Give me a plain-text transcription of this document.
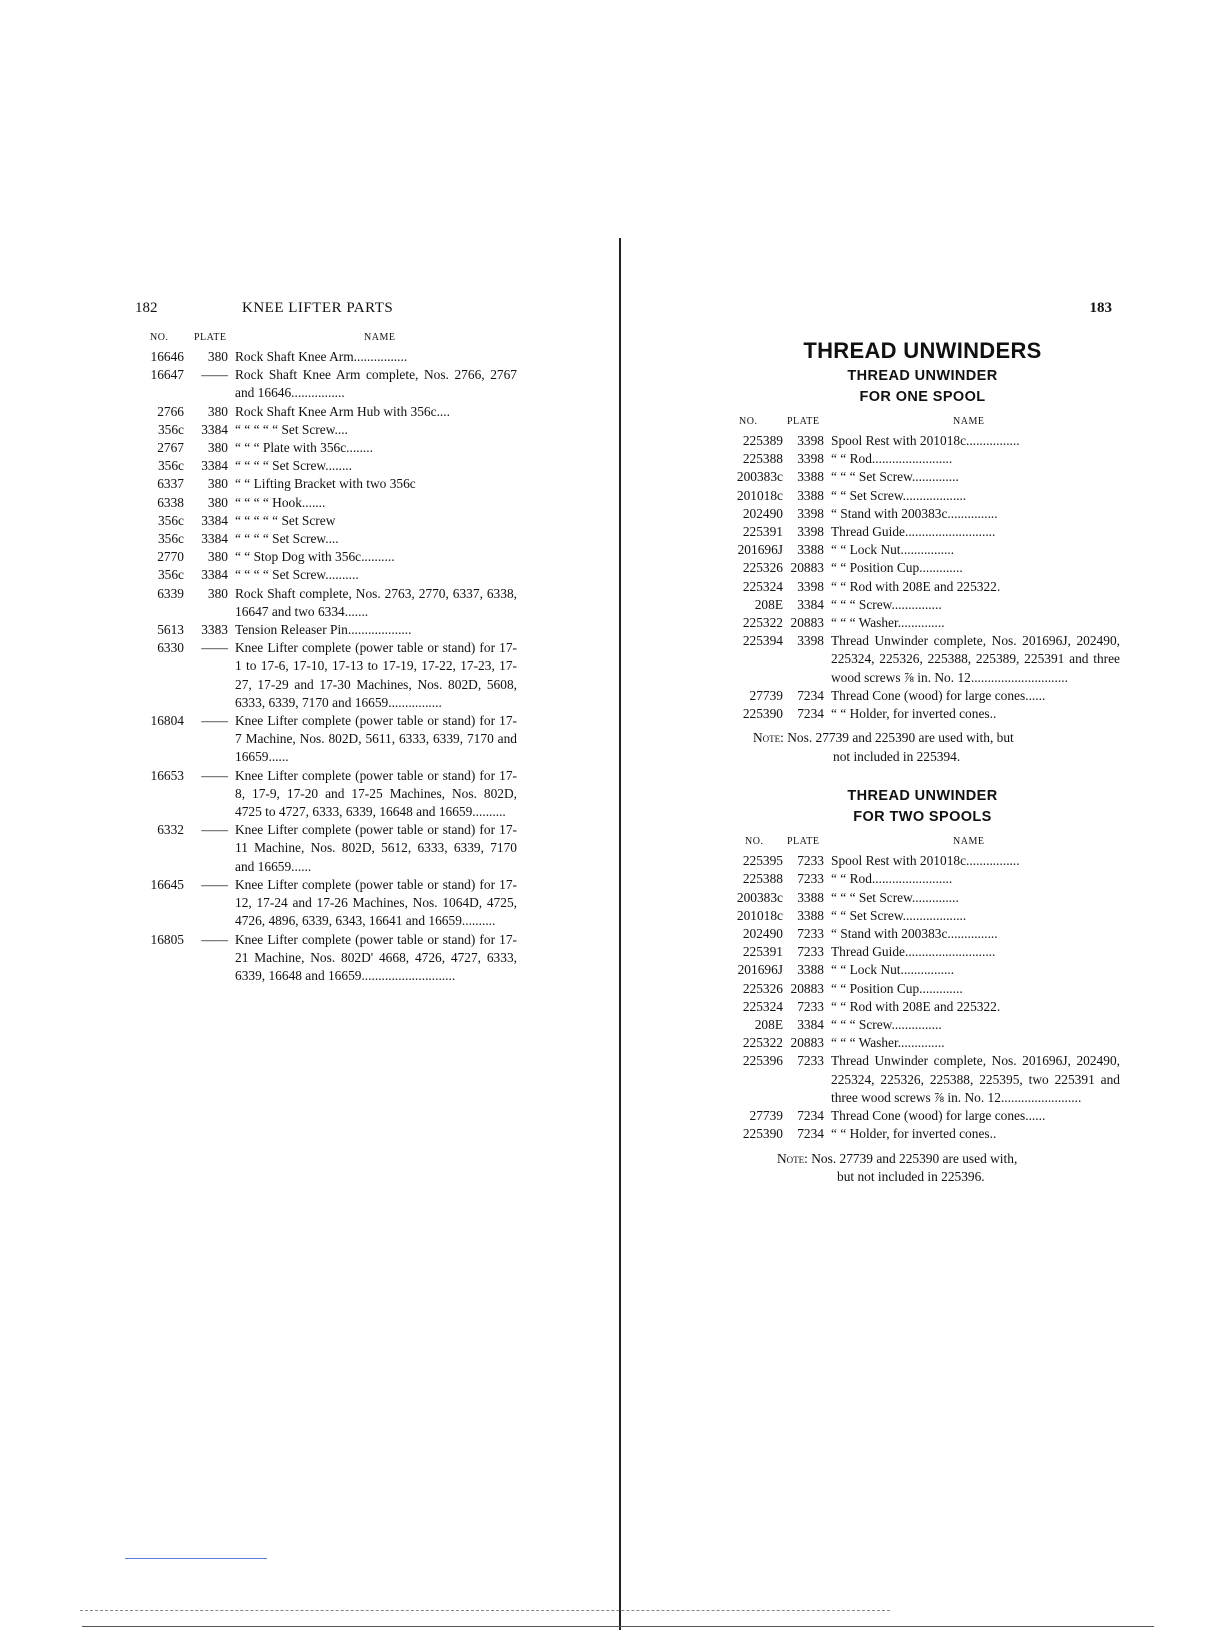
182	KNEE LIFTER PARTS
NO.	PLATE	NAME
16646	380 Rock Shaft Knee Arm................
16647	—— Rock Shaft Knee Arm complete, Nos. 2766, 2767 and 16646................
2766	380 Rock Shaft Knee Arm Hub with 356c....
356c	3384 “ “ “ “ “ Set Screw....
2767	380 “ “ “ Plate with 356c........
356c	3384 “ “ “ “ Set Screw........
6337	380 “ “ Lifting Bracket with two 356c
6338	380 “ “ “ “ Hook.......
356c	3384 “ “ “ “ “ Set Screw
356c	3384 “ “ “ “ Set Screw....
2770	380 “ “ Stop Dog with 356c..........
356c	3384 “ “ “ “ Set Screw..........
6339	380 Rock Shaft complete, Nos. 2763, 2770, 6337, 6338, 16647 and two 6334.......
5613	3383 Tension Releaser Pin...................
6330	—— Knee Lifter complete (power table or stand) for 17-1 to 17-6, 17-10, 17-13 to 17-19, 17-22, 17-23, 17-27, 17-29 and 17-30 Machines, Nos. 802D, 5608, 6333, 6339, 7170 and 16659................
16804	—— Knee Lifter complete (power table or stand) for 17-7 Machine, Nos. 802D, 5611, 6333, 6339, 7170 and 16659......
16653	—— Knee Lifter complete (power table or stand) for 17-8, 17-9, 17-20 and 17-25 Machines, Nos. 802D, 4725 to 4727, 6333, 6339, 16648 and 16659..........
6332	—— Knee Lifter complete (power table or stand) for 17-11 Machine, Nos. 802D, 5612, 6333, 6339, 7170 and 16659......
16645	—— Knee Lifter complete (power table or stand) for 17-12, 17-24 and 17-26 Machines, Nos. 1064D, 4725, 4726, 4896, 6339, 6343, 16641 and 16659..........
16805	—— Knee Lifter complete (power table or stand) for 17-21 Machine, Nos. 802D' 4668, 4726, 4727, 6333, 6339, 16648 and 16659............................
183
THREAD UNWINDERS
THREAD UNWINDER
FOR ONE SPOOL
NO.	PLATE	NAME
225389	3398 Spool Rest with 201018c................
225388	3398 “ “ Rod........................
200383c	3388 “ “ “ Set Screw..............
201018c	3388 “ “ Set Screw...................
202490	3398 “ Stand with 200383c...............
225391	3398 Thread Guide...........................
201696J	3388 “ “ Lock Nut................
225326 20883 “ “ Position Cup.............
225324	3398 “ “ Rod with 208E and 225322.
208E	3384 “ “ “ Screw...............
225322 20883 “ “ “ Washer..............
225394	3398 Thread Unwinder complete, Nos. 201696J, 202490, 225324, 225326, 225388, 225389, 225391 and three wood screws ⅞ in. No. 12.............................
27739	7234 Thread Cone (wood) for large cones......
225390	7234 “ “ Holder, for inverted cones..
Note: Nos. 27739 and 225390 are used with, but
not included in 225394.
THREAD UNWINDER
FOR TWO SPOOLS
NO. PLATE	NAME
225395	7233 Spool Rest with 201018c................
225388	7233 “ “ Rod........................
200383c	3388 “ “ “ Set Screw..............
201018c	3388 “ “ Set Screw...................
202490	7233 “ Stand with 200383c...............
225391	7233 Thread Guide...........................
201696J	3388 “ “ Lock Nut................
225326 20883 “ “ Position Cup.............
225324	7233 “ “ Rod with 208E and 225322.
208E	3384 “ “ “ Screw...............
225322 20883 “ “ “ Washer..............
225396	7233 Thread Unwinder complete, Nos. 201696J, 202490, 225324, 225326, 225388, 225395, two 225391 and three wood screws ⅞ in. No. 12........................
27739	7234 Thread Cone (wood) for large cones......
225390	7234 “ “ Holder, for inverted cones..
Note: Nos. 27739 and 225390 are used with,
but not included in 225396.
